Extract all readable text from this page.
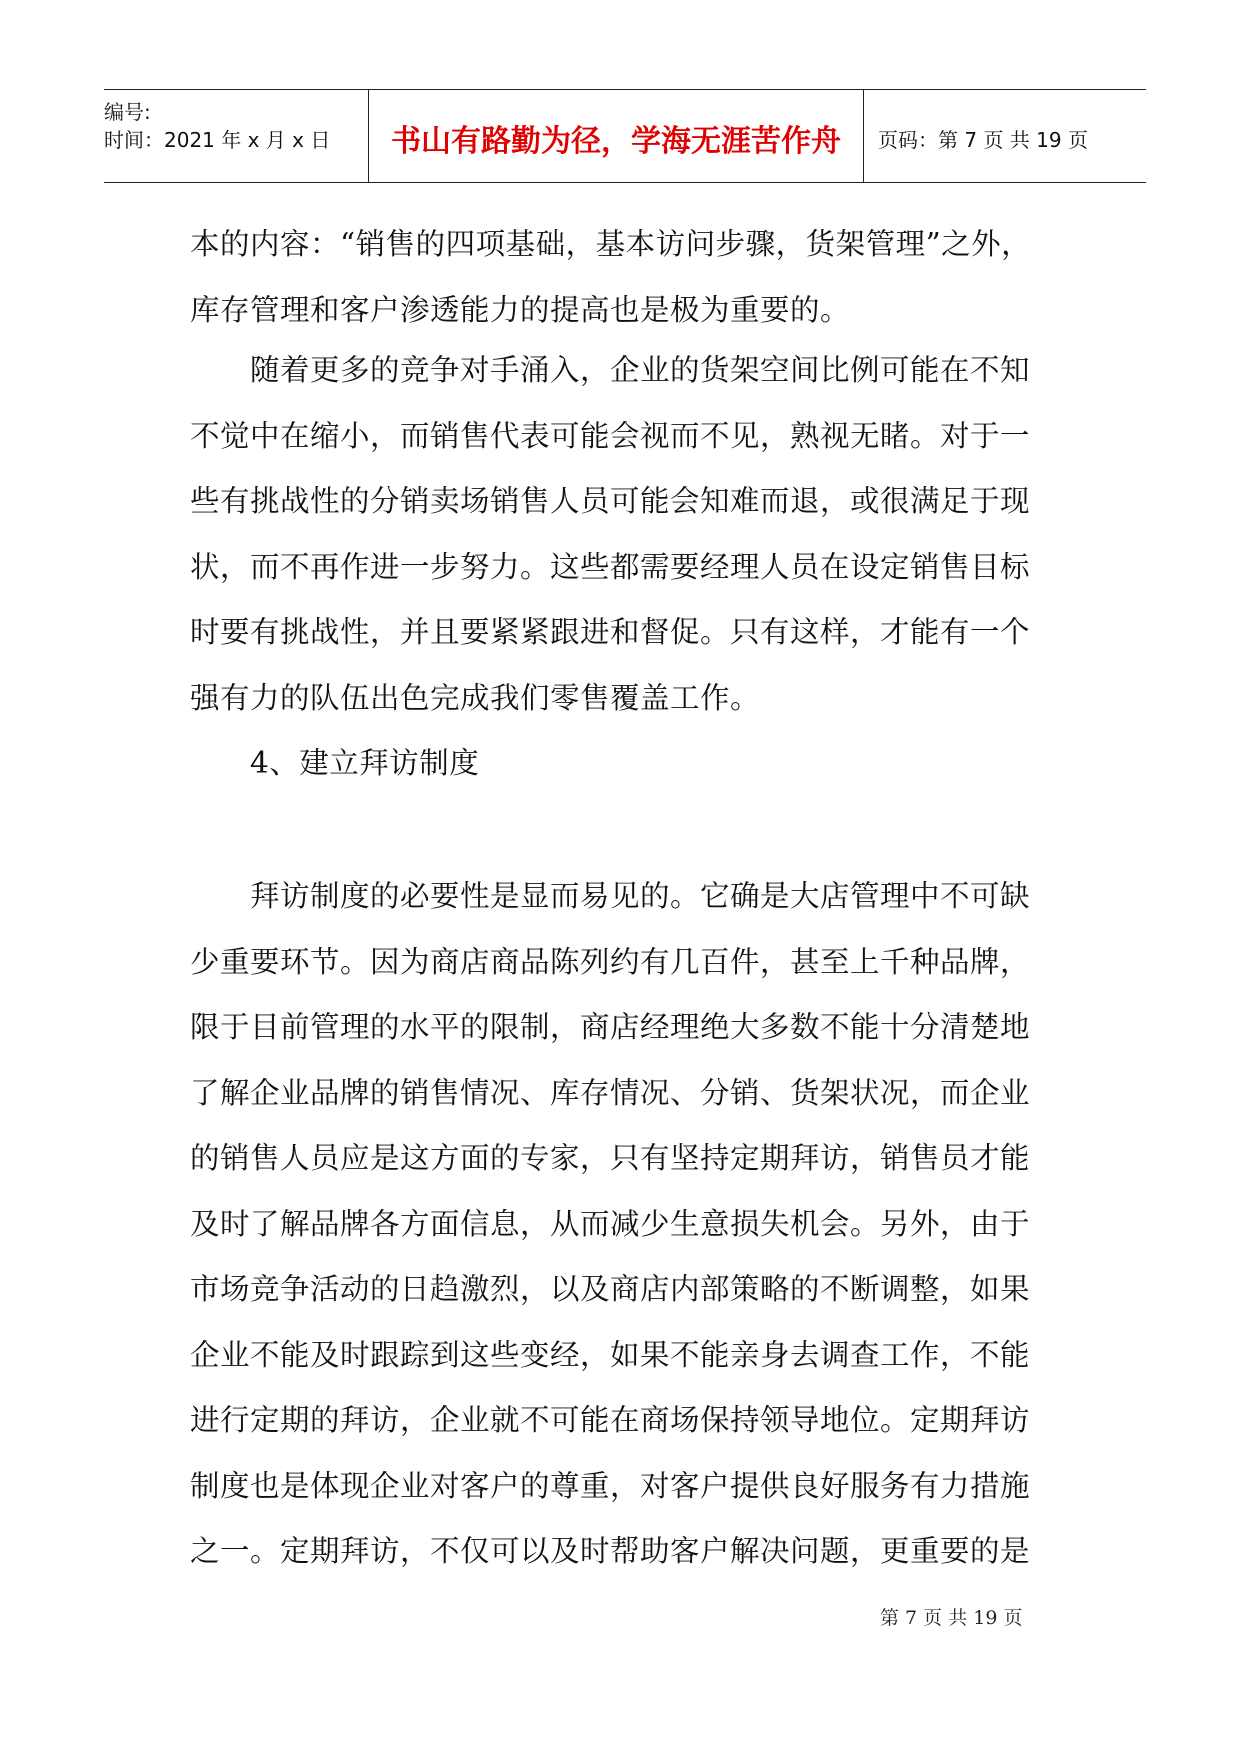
编号:
时间：2021 年 x 月 x 日	书山有路勤为径，学海无涯苦作舟	页码：第 7 页 共 19 页
本的内容：“销售的四项基础，基本访问步骤，货架管理”之外，
库存管理和客户渗透能力的提高也是极为重要的。
随着更多的竞争对手涌入，企业的货架空间比例可能在不知
不觉中在缩小，而销售代表可能会视而不见，熟视无睹。对于一
些有挑战性的分销卖场销售人员可能会知难而退，或很满足于现
状，而不再作进一步努力。这些都需要经理人员在设定销售目标
时要有挑战性，并且要紧紧跟进和督促。只有这样，才能有一个
强有力的队伍出色完成我们零售覆盖工作。
4、建立拜访制度
拜访制度的必要性是显而易见的。它确是大店管理中不可缺
少重要环节。因为商店商品陈列约有几百件，甚至上千种品牌，
限于目前管理的水平的限制，商店经理绝大多数不能十分清楚地
了解企业品牌的销售情况、库存情况、分销、货架状况，而企业
的销售人员应是这方面的专家，只有坚持定期拜访，销售员才能
及时了解品牌各方面信息，从而减少生意损失机会。另外，由于
市场竞争活动的日趋激烈，以及商店内部策略的不断调整，如果
企业不能及时跟踪到这些变经，如果不能亲身去调查工作，不能
进行定期的拜访，企业就不可能在商场保持领导地位。定期拜访
制度也是体现企业对客户的尊重，对客户提供良好服务有力措施
之一。定期拜访，不仅可以及时帮助客户解决问题，更重要的是
第 7 页 共 19 页
